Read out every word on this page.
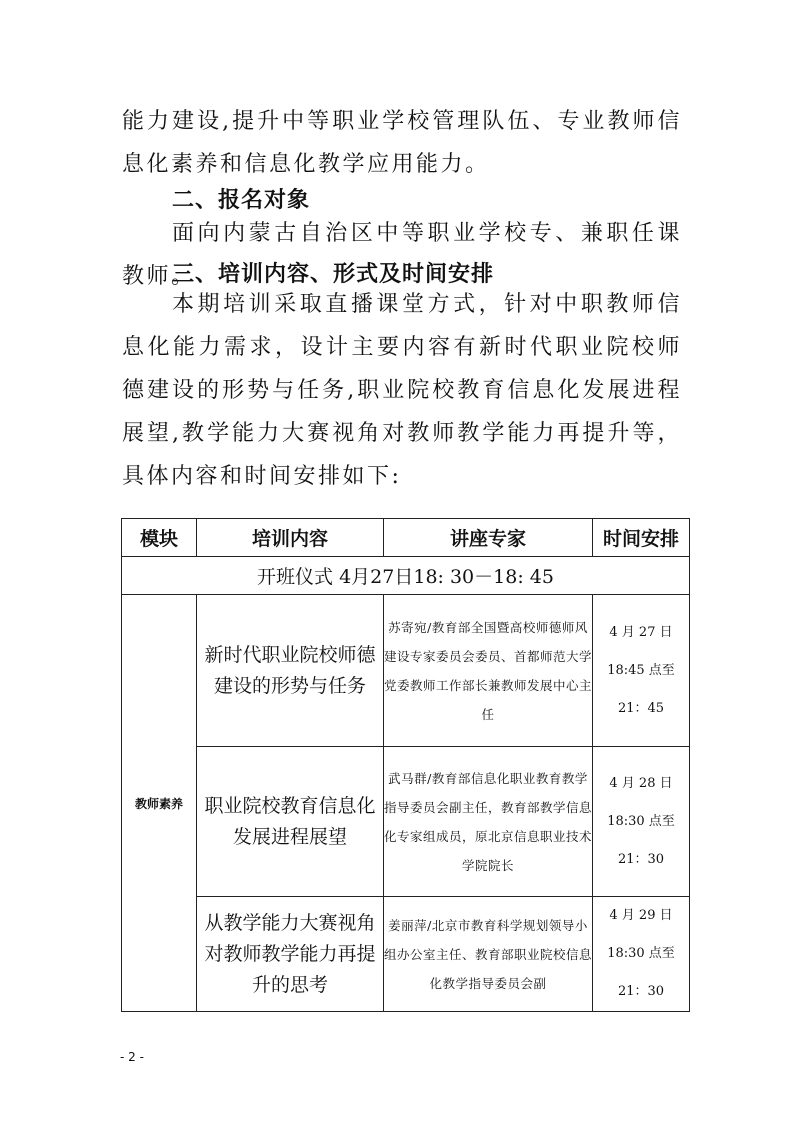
能力建设,提升中等职业学校管理队伍、专业教师信息化素养和信息化教学应用能力。

二、报名对象

面向内蒙古自治区中等职业学校专、兼职任课教师。

三、培训内容、形式及时间安排

本期培训采取直播课堂方式，针对中职教师信息化能力需求，设计主要内容有新时代职业院校师德建设的形势与任务,职业院校教育信息化发展进程展望,教学能力大赛视角对教师教学能力再提升等，具体内容和时间安排如下:

模块	培训内容	讲座专家	时间安排
开班仪式 4月27日18: 30－18: 45			
教师素养	新时代职业院校师德建设的形势与任务	苏寄宛/教育部全国暨高校师德师风建设专家委员会委员、首都师范大学党委教师工作部长兼教师发展中心主任	4 月 27 日
18:45 点至
21：45

	职业院校教育信息化发展进程展望	武马群/教育部信息化职业教育教学指导委员会副主任，教育部教学信息化专家组成员，原北京信息职业技术学院院长	4 月 28 日
18:30 点至
21：30

	从教学能力大赛视角对教师教学能力再提升的思考	姜丽萍/北京市教育科学规划领导小组办公室主任、教育部职业院校信息化教学指导委员会副	4 月 29 日
18:30 点至
21：30
- 2 -
